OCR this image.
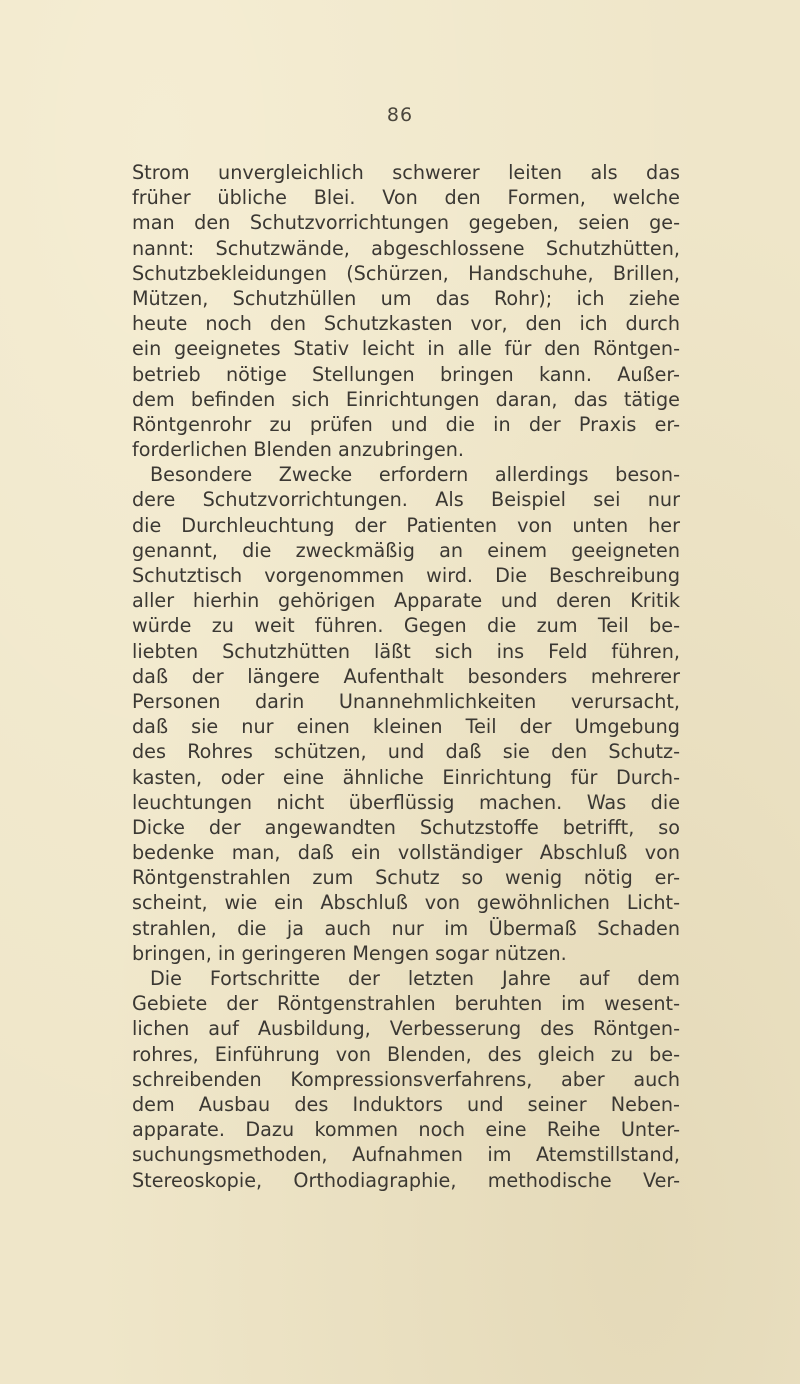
86
Strom unvergleichlich schwerer leiten als das
früher übliche Blei. Von den Formen, welche
man den Schutzvorrichtungen gegeben, seien ge-
nannt: Schutzwände, abgeschlossene Schutzhütten,
Schutzbekleidungen (Schürzen, Handschuhe, Brillen,
Mützen, Schutzhüllen um das Rohr); ich ziehe
heute noch den Schutzkasten vor, den ich durch
ein geeignetes Stativ leicht in alle für den Röntgen-
betrieb nötige Stellungen bringen kann. Außer-
dem befinden sich Einrichtungen daran, das tätige
Röntgenrohr zu prüfen und die in der Praxis er-
forderlichen Blenden anzubringen.
Besondere Zwecke erfordern allerdings beson-
dere Schutzvorrichtungen. Als Beispiel sei nur
die Durchleuchtung der Patienten von unten her
genannt, die zweckmäßig an einem geeigneten
Schutztisch vorgenommen wird. Die Beschreibung
aller hierhin gehörigen Apparate und deren Kritik
würde zu weit führen. Gegen die zum Teil be-
liebten Schutzhütten läßt sich ins Feld führen,
daß der längere Aufenthalt besonders mehrerer
Personen darin Unannehmlichkeiten verursacht,
daß sie nur einen kleinen Teil der Umgebung
des Rohres schützen, und daß sie den Schutz-
kasten, oder eine ähnliche Einrichtung für Durch-
leuchtungen nicht überflüssig machen. Was die
Dicke der angewandten Schutzstoffe betrifft, so
bedenke man, daß ein vollständiger Abschluß von
Röntgenstrahlen zum Schutz so wenig nötig er-
scheint, wie ein Abschluß von gewöhnlichen Licht-
strahlen, die ja auch nur im Übermaß Schaden
bringen, in geringeren Mengen sogar nützen.
Die Fortschritte der letzten Jahre auf dem
Gebiete der Röntgenstrahlen beruhten im wesent-
lichen auf Ausbildung, Verbesserung des Röntgen-
rohres, Einführung von Blenden, des gleich zu be-
schreibenden Kompressionsverfahrens, aber auch
dem Ausbau des Induktors und seiner Neben-
apparate. Dazu kommen noch eine Reihe Unter-
suchungsmethoden, Aufnahmen im Atemstillstand,
Stereoskopie, Orthodiagraphie, methodische Ver-
